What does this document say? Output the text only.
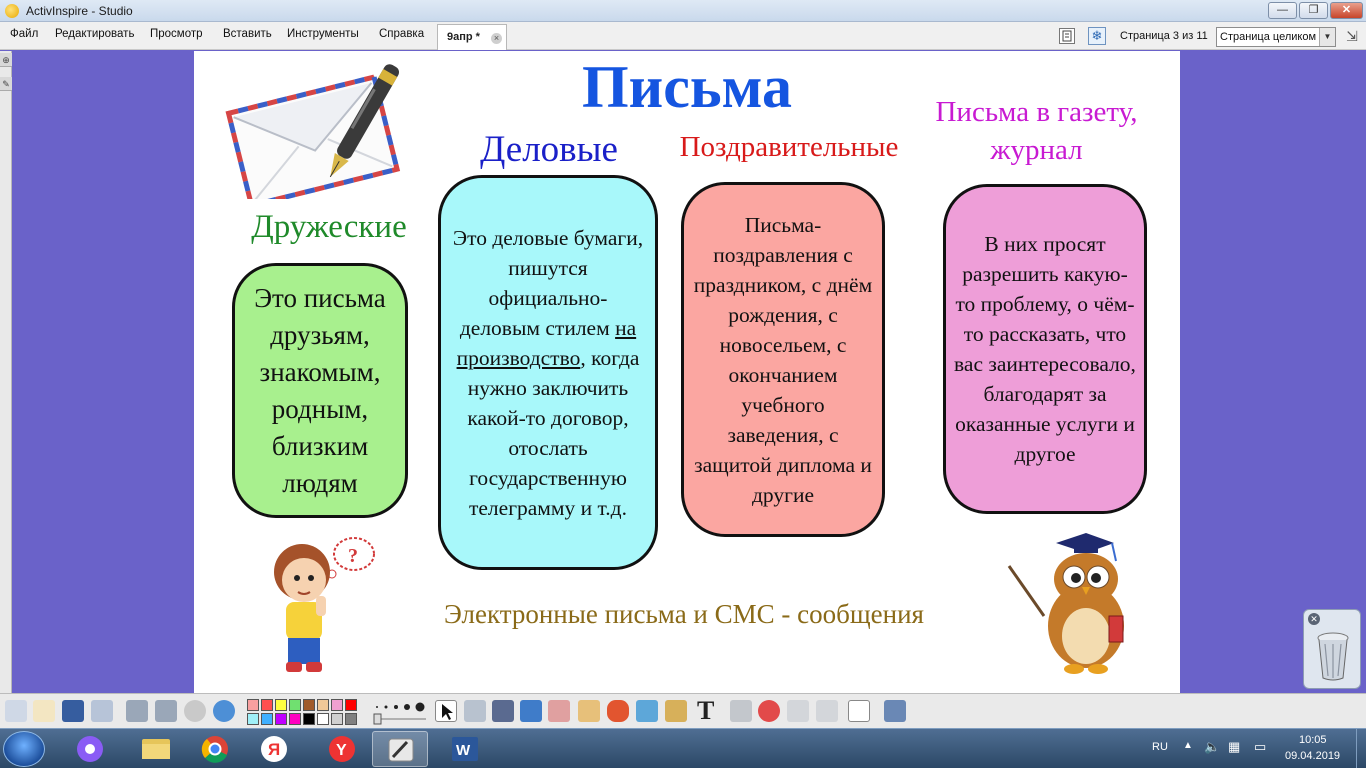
ActivInspire - Studio	—	❐	✕
Файл Редактировать Просмотр Вставить Инструменты Справка 9апр *	×	❄	Страница 3 из 11 Страница целиком ▼ ⇲
⊕
✎	Письма
Дружеские
Деловые	Поздравительные
Письма в газету, журнал
Это письма друзьям, знакомым, родным, близким людям
Это деловые бумаги, пишутся официально-деловым стилем на производство, когда нужно заключить какой-то договор, отослать государственную телеграмму и т.д.
Письма-поздравления с праздником, с днём рождения, с новосельем, с окончанием учебного заведения, с защитой диплома и другие
В них просят разрешить какую-то проблему, о чём-то рассказать, что вас заинтересовало, благодарят за оказанные услуги и другое
?
Электронные письма и СМС - сообщения	✕
T
Я	Y	W	RU ▲ 🔈 ▦ ▭	10:05
09.04.2019
